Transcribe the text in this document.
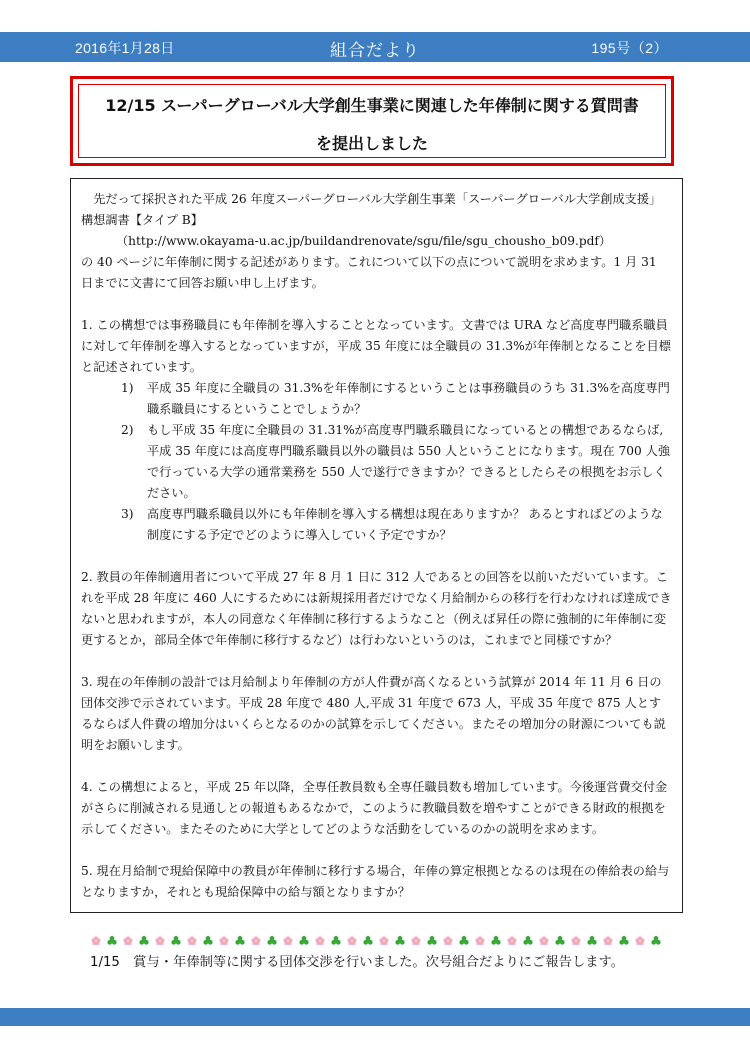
2016年1月28日	組合だより	195号（2）
12/15 スーパーグローバル大学創生事業に関連した年俸制に関する質問書
を提出しました

先だって採択された平成 26 年度スーパーグローバル大学創生事業「スーパーグローバル大学創成支援」構想調書【タイプ B】

（http://www.okayama-u.ac.jp/buildandrenovate/sgu/file/sgu_chousho_b09.pdf）

の 40 ページに年俸制に関する記述があります。これについて以下の点について説明を求めます。1 月 31 日までに文書にて回答お願い申し上げます。

1. この構想では事務職員にも年俸制を導入することとなっています。文書では URA など高度専門職系職員に対して年俸制を導入するとなっていますが，平成 35 年度には全職員の 31.3%が年俸制となることを目標と記述されています。

1) 平成 35 年度に全職員の 31.3%を年俸制にするということは事務職員のうち 31.3%を高度専門職系職員にするということでしょうか？

2) もし平成 35 年度に全職員の 31.31%が高度専門職系職員になっているとの構想であるならば,平成 35 年度には高度専門職系職員以外の職員は 550 人ということになります。現在 700 人強で行っている大学の通常業務を 550 人で遂行できますか？できるとしたらその根拠をお示しください。

3) 高度専門職系職員以外にも年俸制を導入する構想は現在ありますか？ あるとすればどのような制度にする予定でどのように導入していく予定ですか？

2. 教員の年俸制適用者について平成 27 年 8 月 1 日に 312 人であるとの回答を以前いただいています。これを平成 28 年度に 460 人にするためには新規採用者だけでなく月給制からの移行を行わなければ達成できないと思われますが，本人の同意なく年俸制に移行するようなこと（例えば昇任の際に強制的に年俸制に変更するとか，部局全体で年俸制に移行するなど）は行わないというのは，これまでと同様ですか？

3. 現在の年俸制の設計では月給制より年俸制の方が人件費が高くなるという試算が 2014 年 11 月 6 日の団体交渉で示されています。平成 28 年度で 480 人,平成 31 年度で 673 人，平成 35 年度で 875 人とするならば人件費の増加分はいくらとなるのかの試算を示してください。またその増加分の財源についても説明をお願いします。

4. この構想によると，平成 25 年以降，全専任教員数も全専任職員数も増加しています。今後運営費交付金がさらに削減される見通しとの報道もあるなかで，このように教職員数を増やすことができる財政的根拠を示してください。またそのために大学としてどのような活動をしているのかの説明を求めます。

5. 現在月給制で現給保障中の教員が年俸制に移行する場合，年俸の算定根拠となるのは現在の俸給表の給与となりますか，それとも現給保障中の給与額となりますか？

1/15　賞与・年俸制等に関する団体交渉を行いました。次号組合だよりにご報告します。
